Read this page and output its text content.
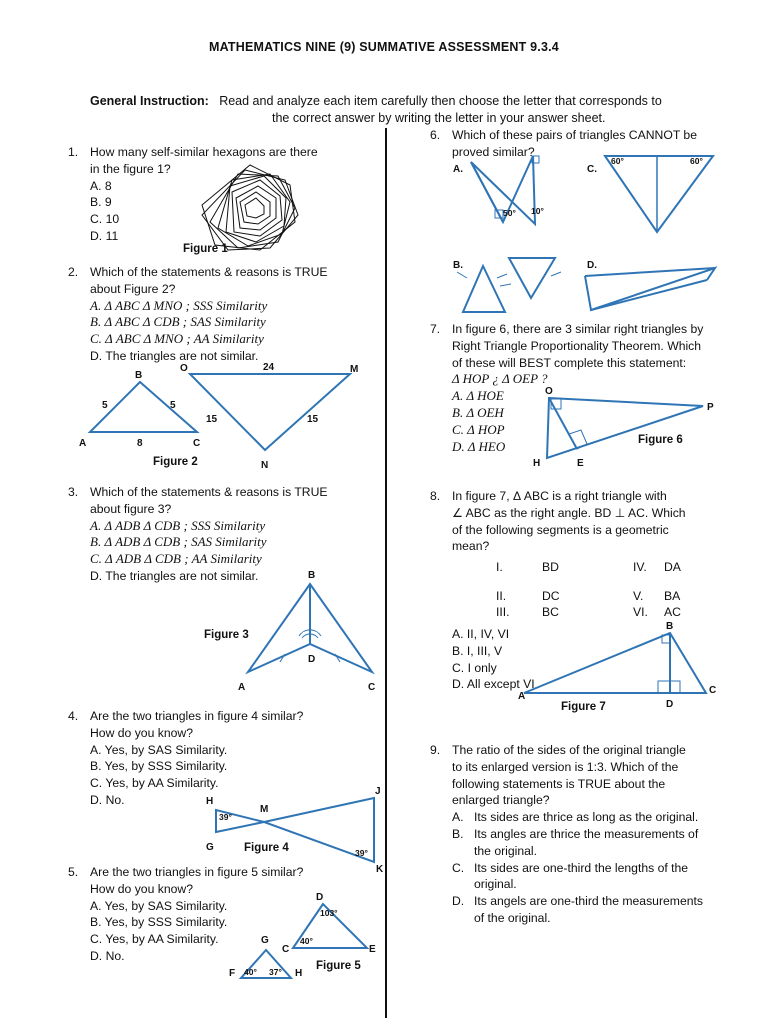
MATHEMATICS NINE (9) SUMMATIVE ASSESSMENT 9.3.4
General Instruction: Read and analyze each item carefully then choose the letter that corresponds to
the correct answer by writing the letter in your answer sheet.
1. How many self-similar hexagons are there
in the figure 1?
A. 8
B. 9
C. 10
D. 11
Figure 1
2. Which of the statements & reasons is TRUE
about Figure 2?
A. Δ ABC Δ MNO ; SSS Similarity
B. Δ ABC Δ CDB ; SAS Similarity
C. Δ ABC Δ MNO ; AA Similarity
D. The triangles are not similar.
B
A	C
5	5
8
O	M
N
24
15	15
Figure 2
3. Which of the statements & reasons is TRUE
about figure 3?
A. Δ ADB Δ CDB ; SSS Similarity
B. Δ ADB Δ CDB ; SAS Similarity
C. Δ ADB Δ CDB ; AA Similarity
D. The triangles are not similar.	B
A	C
D
Figure 3
4. Are the two triangles in figure 4 similar?
How do you know?
A. Yes, by SAS Similarity.
B. Yes, by SSS Similarity.
C. Yes, by AA Similarity.
D. No.	H
M
G
J
K
39°
39°
Figure 4
5. Are the two triangles in figure 5 similar?
How do you know?
A. Yes, by SAS Similarity.
B. Yes, by SSS Similarity.
C. Yes, by AA Similarity.
D. No.
D
C	E
G
F	H
103°
40°
40° 37°	Figure 5
6. Which of these pairs of triangles CANNOT be
proved similar?
A.
50° 10°
C.
60°	60°
B.	D.
7. In figure 6, there are 3 similar right triangles by
Right Triangle Proportionality Theorem. Which
of these will BEST complete this statement:
Δ HOP ¿ Δ OEP ?
A. Δ HOE
B. Δ OEH
C. Δ HOP
D. Δ HEO
O
P
H	E
Figure 6
8. In figure 7, Δ ABC is a right triangle with
∠ ABC as the right angle. BD ⊥ AC. Which
of the following segments is a geometric
mean?
I.	BD	IV. DA
II.	DC	V. BA
III.	BC	VI. AC
A. II, IV, VI
B. I, III, V
C. I only
D. All except VI
A
B
C
D
Figure 7
9. The ratio of the sides of the original triangle
to its enlarged version is 1:3. Which of the
following statements is TRUE about the
enlarged triangle?
A. Its sides are thrice as long as the original.
B. Its angles are thrice the measurements of
the original.
C. Its sides are one-third the lengths of the
original.
D. Its angels are one-third the measurements
of the original.
